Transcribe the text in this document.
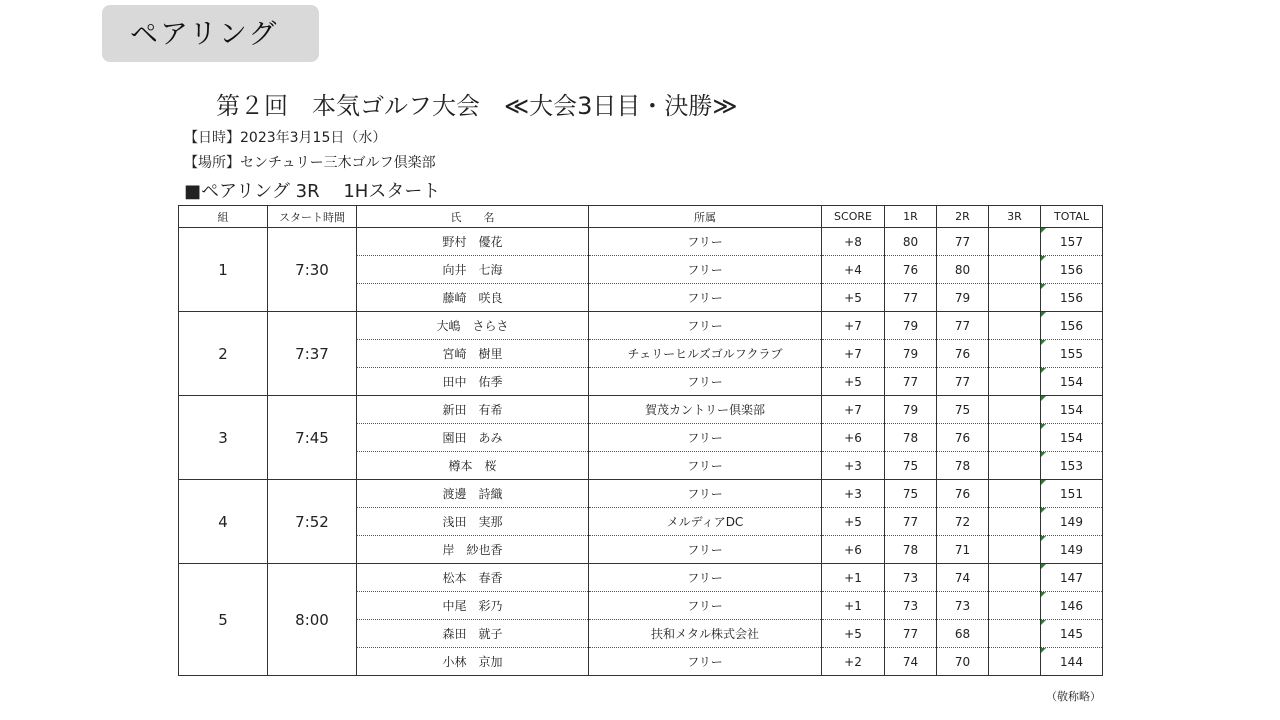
ペアリング
第２回　本気ゴルフ大会　≪大会3日目・決勝≫
【日時】2023年3月15日（水）
【場所】センチュリー三木ゴルフ倶楽部
■ペアリング 3R　 1Hスタート
組	スタート時間	氏　　名	所属	SCORE	1R	2R	3R	TOTAL
1	7:30	野村　優花	フリー	+8	80	77		157
		向井　七海	フリー	+4	76	80		156
		藤崎　咲良	フリー	+5	77	79		156
2	7:37	大嶋　さらさ	フリー	+7	79	77		156
		宮崎　樹里	チェリーヒルズゴルフクラブ	+7	79	76		155
		田中　佑季	フリー	+5	77	77		154
3	7:45	新田　有希	賀茂カントリー倶楽部	+7	79	75		154
		園田　あみ	フリー	+6	78	76		154
		樽本　桜	フリー	+3	75	78		153
4	7:52	渡邊　詩織	フリー	+3	75	76		151
		浅田　実那	メルディアDC	+5	77	72		149
		岸　紗也香	フリー	+6	78	71		149
5	8:00	松本　春香	フリー	+1	73	74		147
		中尾　彩乃	フリー	+1	73	73		146
		森田　就子	扶和メタル株式会社	+5	77	68		145
		小林　京加	フリー	+2	74	70		144
（敬称略）
